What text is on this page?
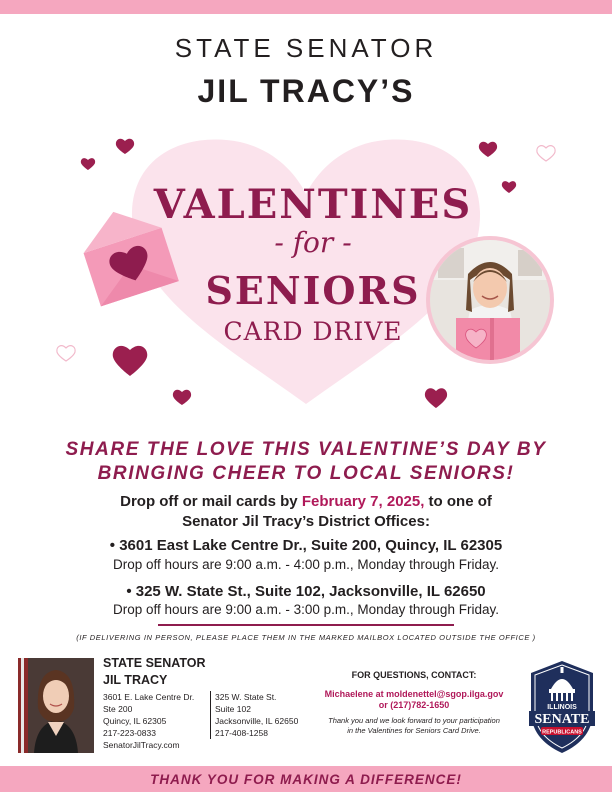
STATE SENATOR
JIL TRACY’S
VALENTINES
- for -
SENIORS
CARD DRIVE
SHARE THE LOVE THIS VALENTINE’S DAY BY
BRINGING CHEER TO LOCAL SENIORS!
Drop off or mail cards by February 7, 2025, to one of
Senator Jil Tracy’s District Offices:
• 3601 East Lake Centre Dr., Suite 200, Quincy, IL 62305
Drop off hours are 9:00 a.m. - 4:00 p.m., Monday through Friday.
• 325 W. State St., Suite 102, Jacksonville, IL 62650
Drop off hours are 9:00 a.m. - 3:00 p.m., Monday through Friday.
(IF DELIVERING IN PERSON, PLEASE PLACE THEM IN THE MARKED MAILBOX LOCATED OUTSIDE THE OFFICE )
STATE SENATOR
JIL TRACY
3601 E. Lake Centre Dr.
Ste 200
Quincy, IL 62305
217-223-0833
SenatorJilTracy.com
325 W. State St.
Suite 102
Jacksonville, IL 62650
217-408-1258
FOR QUESTIONS, CONTACT:
Michaelene at moldenettel@sgop.ilga.gov
or (217)782-1650
Thank you and we look forward to your participation
in the Valentines for Seniors Card Drive.
ILLINOIS
SENATE
REPUBLICANS
THANK YOU FOR MAKING A DIFFERENCE!
